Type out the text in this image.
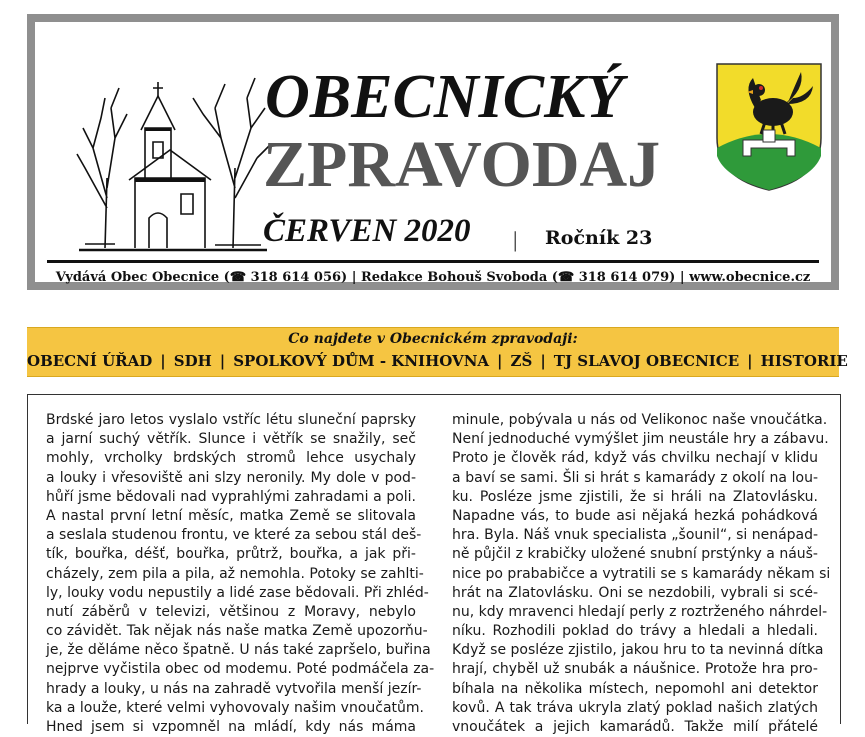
OBECNICKÝ
ZPRAVODAJ
ČERVEN 2020 | Ročník 23
Vydává Obec Obecnice (☎ 318 614 056) | Redakce Bohouš Svoboda (☎ 318 614 079) | www.obecnice.cz
Co najdete v Obecnickém zpravodaji:
OBECNÍ ÚŘAD | SDH | SPOLKOVÝ DŮM - KNIHOVNA | ZŠ | TJ SLAVOJ OBECNICE | HISTORIE
Brdské jaro letos vyslalo vstříc létu sluneční paprsky
a jarní suchý větřík. Slunce i větřík se snažily, seč
mohly, vrcholky brdských stromů lehce usychaly
a louky i vřesoviště ani slzy neronily. My dole v pod-
hůří jsme bědovali nad vyprahlými zahradami a poli.
A nastal první letní měsíc, matka Země se slitovala
a seslala studenou frontu, ve které za sebou stál deš-
tík, bouřka, déšť, bouřka, průtrž, bouřka, a jak při-
cházely, zem pila a pila, až nemohla. Potoky se zahlti-
ly, louky vodu nepustily a lidé zase bědovali. Při zhléd-
nutí záběrů v televizi, většinou z Moravy, nebylo
co závidět. Tak nějak nás naše matka Země upozorňu-
je, že děláme něco špatně. U nás také zapršelo, buřina
nejprve vyčistila obec od modemu. Poté podmáčela za-
hrady a louky, u nás na zahradě vytvořila menší jezír-
ka a louže, které velmi vyhovovaly našim vnoučatům.
Hned jsem si vzpomněl na mládí, kdy nás máma
minule, pobývala u nás od Velikonoc naše vnoučátka.
Není jednoduché vymýšlet jim neustále hry a zábavu.
Proto je člověk rád, když vás chvilku nechají v klidu
a baví se sami. Šli si hrát s kamarády z okolí na lou-
ku. Posléze jsme zjistili, že si hráli na Zlatovlásku.
Napadne vás, to bude asi nějaká hezká pohádková
hra. Byla. Náš vnuk specialista „šounil“, si nenápad-
ně půjčil z krabičky uložené snubní prstýnky a náuš-
nice po prababičce a vytratili se s kamarády někam si
hrát na Zlatovlásku. Oni se nezdobili, vybrali si scé-
nu, kdy mravenci hledají perly z roztrženého náhrdel-
níku. Rozhodili poklad do trávy a hledali a hledali.
Když se posléze zjistilo, jakou hru to ta nevinná dítka
hrají, chyběl už snubák a náušnice. Protože hra pro-
bíhala na několika místech, nepomohl ani detektor
kovů. A tak tráva ukryla zlatý poklad našich zlatých
vnoučátek a jejich kamarádů. Takže milí přátelé
